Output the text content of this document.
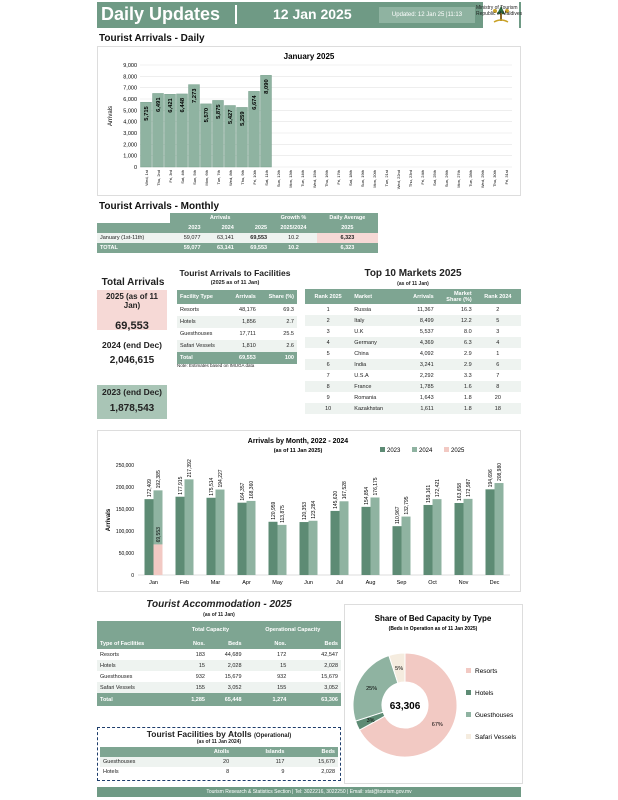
Daily Updates	12 Jan 2025	Updated: 12 Jan 25 |11:13
Ministry of Tourism
Republic of Maldives
Tourist Arrivals - Daily
January 2025
0
1,000
2,000
3,000
4,000
5,000
6,000
7,000
8,000
9,000
Arrivals	5,715
Wed, 1st
6,491
Thu, 2nd
6,421
Fri, 3rd
6,448
Sat, 4th
7,273
Sun, 5th
5,570
Mon, 6th
5,875
Tue, 7th
5,427
Wed, 8th
5,259
Thu, 9th
6,674
Fri, 10th
8,090
Sat, 11th Sun, 12th Mon, 13th Tue, 14th Wed, 15th Thu, 16th Fri, 17th Sat, 18th Sun, 19th Mon, 20th Tue, 21st Wed, 22nd Thu, 23rd Fri, 24th Sat, 25th Sun, 26th Mon, 27th Tue, 28th Wed, 29th Thu, 30th Fri, 31st
Tourist Arrivals - Monthly
	Arrivals			Growth %	Daily Average
	2023	2024	2025	2025/2024	2025
January (1st-11th)	59,077	63,141	69,553	10.2	6,323
TOTAL	59,077	63,141	69,553	10.2	6,323
Total Arrivals
2025 (as of 11 Jan)
69,553
2024 (end Dec)
2,046,615
2023 (end Dec)
1,878,543
Tourist Arrivals to Facilities
(2025 as of 11 Jan)
Facility Type	Arrivals	Share (%)
Resorts	48,176	69.3
Hotels	1,856	2.7
Guesthouses	17,711	25.5
Safari Vessels	1,810	2.6
Total	69,553	100
Note: Estimates based on IMUGA data
Top 10 Markets 2025
(as of 11 Jan)
Rank 2025	Market	Arrivals	Market Share (%)	Rank 2024
1	Russia	11,367	16.3	2
2	Italy	8,499	12.2	5
3	U.K	5,537	8.0	3
4	Germany	4,369	6.3	4
5	China	4,092	2.9	1
6	India	3,241	2.9	6
7	U.S.A	2,292	3.3	7
8	France	1,785	1.6	8
9	Romania	1,643	1.8	20
10	Kazakhstan	1,611	1.8	18
Arrivals by Month, 2022 - 2024
(as of 11 Jan 2025)
0
50,000
100,000
150,000
200,000
250,000
Arrivals
2023	2024	2025
Jan
172,409 192,385
69,553
Feb
177,915
217,392
Mar
175,514 194,227
Apr
164,357 168,360
May
120,959 113,875
Jun
120,353 123,284
Jul
145,620
167,528
Aug
154,854
176,175
Sep
110,967
132,795
Oct
159,161 172,421
Nov
163,658 172,987
Dec
194,696 208,980
Tourist Accommodation - 2025
(as of 11 Jan)
	Total Capacity		Operational Capacity	
Type of Facilities	Nos.	Beds	Nos.	Beds
Resorts	183	44,689	172	42,547
Hotels	15	2,028	15	2,028
Guesthouses	932	15,679	932	15,679
Safari Vessels	155	3,052	155	3,052
Total	1,285	65,448	1,274	63,306
Tourist Facilities by Atolls (Operational)
(as of 11 Jan 2024)
	Atolls	Islands	Beds
Guesthouses	20	117	15,679
Hotels	8	9	2,028
Share of Bed Capacity by Type
(Beds in Operation as of 11 Jan 2025)
67%
3%
25%
5%
63,306
Resorts
Hotels
Guesthouses
Safari Vessels
Tourism Research & Statistics Section | Tel: 3022216, 3022250 | Email: stat@tourism.gov.mv
